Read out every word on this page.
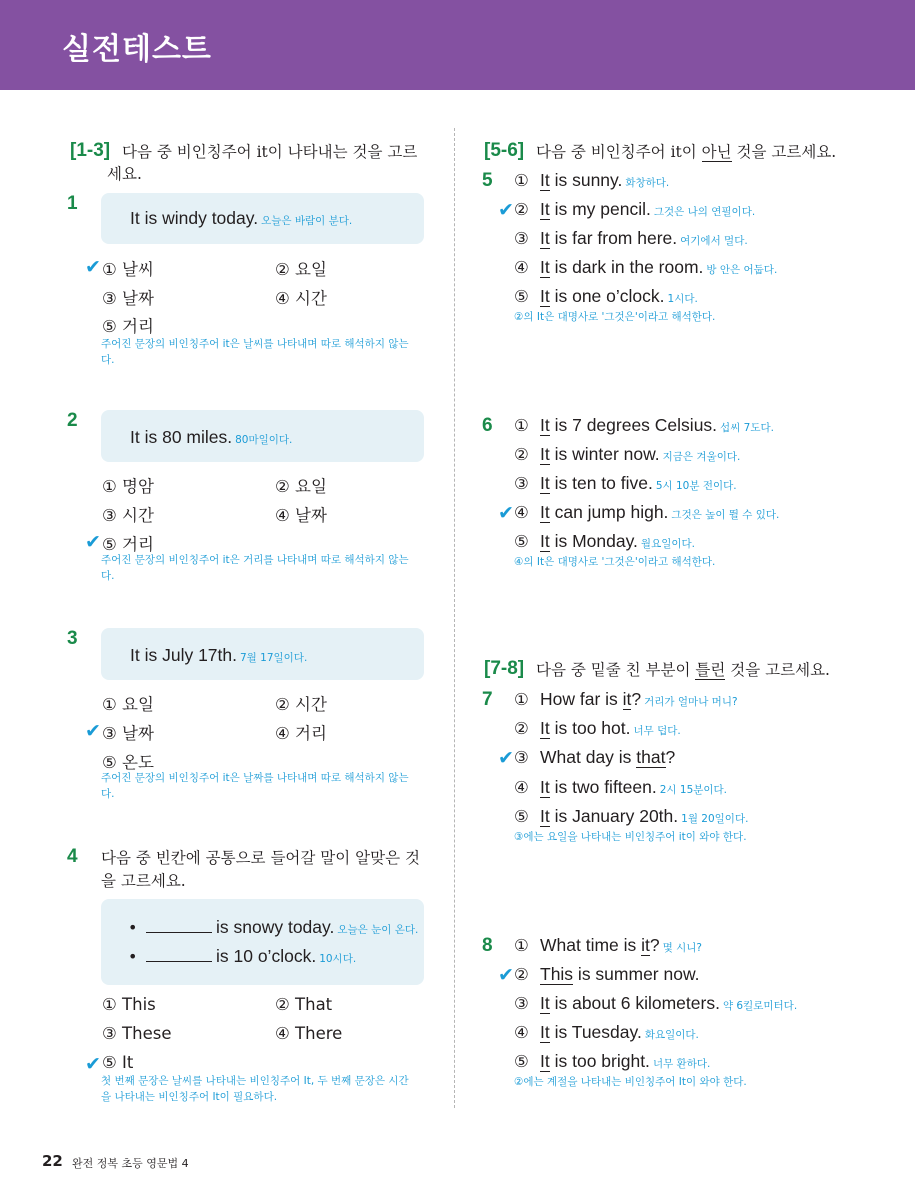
실전테스트
[1-3] 다음 중 비인칭주어 it이 나타내는 것을 고르
세요.
1
It is windy today. 오늘은 바람이 분다.
✔ ① 날씨	② 요일
③ 날짜	④ 시간
⑤ 거리
주어진 문장의 비인칭주어 it은 날씨를 나타내며 따로 해석하지 않는
다.
2
It is 80 miles. 80마일이다.
① 명암	② 요일
③ 시간	④ 날짜
✔ ⑤ 거리
주어진 문장의 비인칭주어 it은 거리를 나타내며 따로 해석하지 않는
다.
3
It is July 17th. 7월 17일이다.
① 요일	② 시간
✔ ③ 날짜	④ 거리
⑤ 온도
주어진 문장의 비인칭주어 it은 날짜를 나타내며 따로 해석하지 않는
다.
4 다음 중 빈칸에 공통으로 들어갈 말이 알맞은 것
을 고르세요.
•	is snowy today. 오늘은 눈이 온다.
•	is 10 o’clock. 10시다.
① This	② That
③ These	④ There
✔ ⑤ It
첫 번째 문장은 날씨를 나타내는 비인칭주어 It, 두 번째 문장은 시간
을 나타내는 비인칭주어 It이 필요하다.
[5-6] 다음 중 비인칭주어 it이 아닌 것을 고르세요.
5 ① It is sunny. 화창하다.
✔ ② It is my pencil. 그것은 나의 연필이다.
③ It is far from here. 여기에서 멀다.
④ It is dark in the room. 방 안은 어둡다.
⑤ It is one o’clock. 1시다.
②의 It은 대명사로 '그것은'이라고 해석한다.
6 ① It is 7 degrees Celsius. 섭씨 7도다.
② It is winter now. 지금은 겨울이다.
③ It is ten to five. 5시 10분 전이다.
✔ ④ It can jump high. 그것은 높이 뛸 수 있다.
⑤ It is Monday. 월요일이다.
④의 It은 대명사로 '그것은'이라고 해석한다.
[7-8] 다음 중 밑줄 친 부분이 틀린 것을 고르세요.
7 ① How far is it? 거리가 얼마나 머니?
② It is too hot. 너무 덥다.
✔ ③ What day is that?
④ It is two fifteen. 2시 15분이다.
⑤ It is January 20th. 1월 20일이다.
③에는 요일을 나타내는 비인칭주어 it이 와야 한다.
8 ① What time is it? 몇 시니?
✔ ② This is summer now.
③ It is about 6 kilometers. 약 6킬로미터다.
④ It is Tuesday. 화요일이다.
⑤ It is too bright. 너무 환하다.
②에는 계절을 나타내는 비인칭주어 It이 와야 한다.
22 완전 정복 초등 영문법 4
